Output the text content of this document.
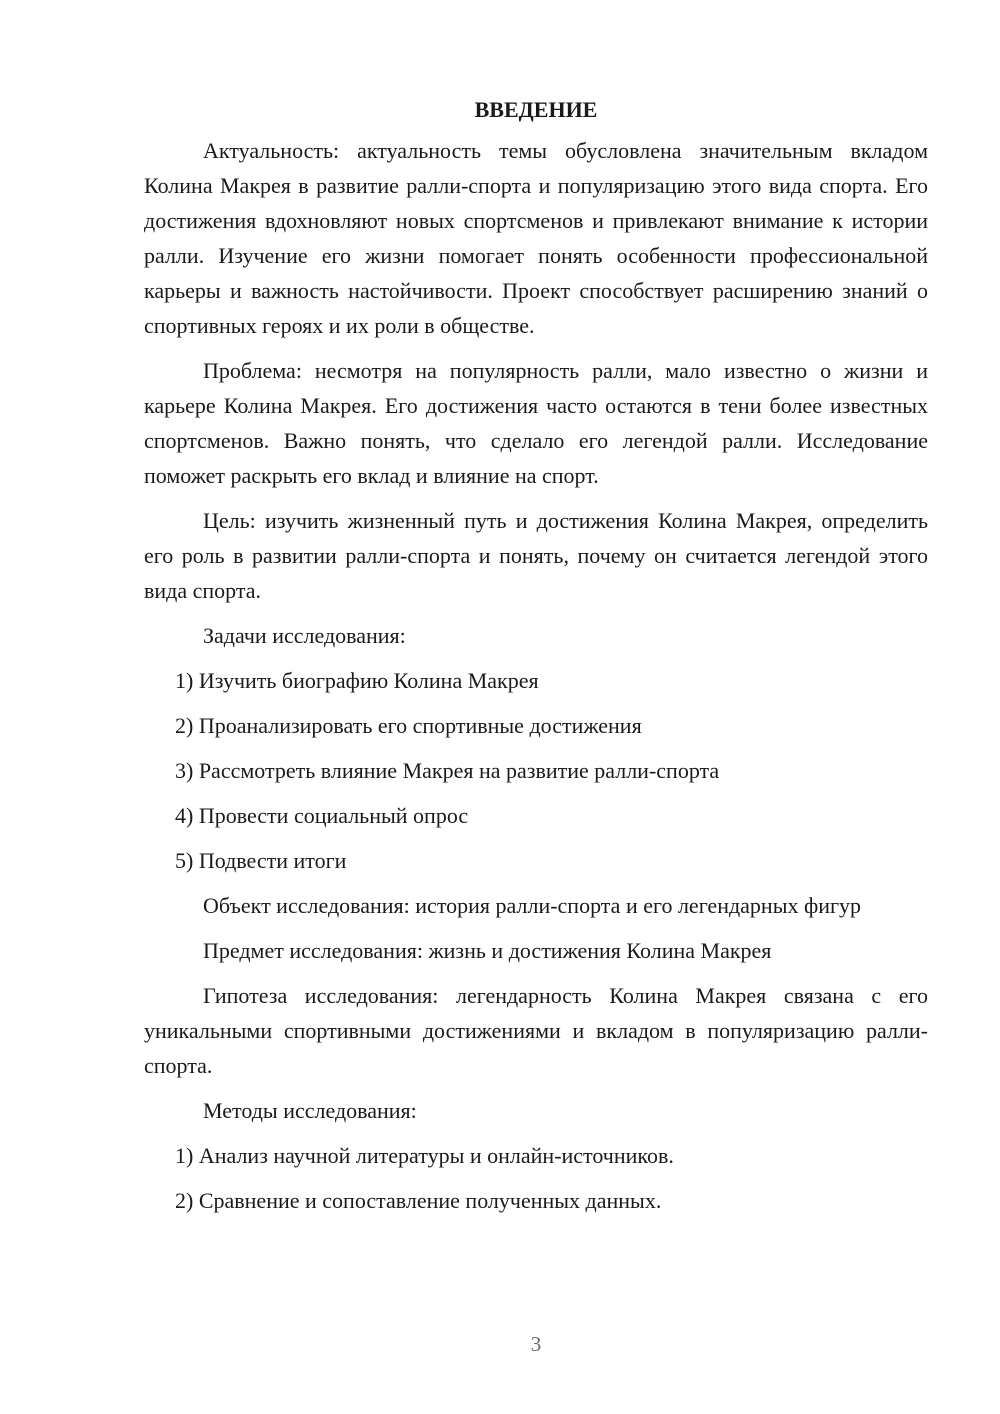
ВВЕДЕНИЕ

Актуальность: актуальность темы обусловлена значительным вкладом Колина Макрея в развитие ралли-спорта и популяризацию этого вида спорта. Его достижения вдохновляют новых спортсменов и привлекают внимание к истории ралли. Изучение его жизни помогает понять особенности профессиональной карьеры и важность настойчивости. Проект способствует расширению знаний о спортивных героях и их роли в обществе.

Проблема: несмотря на популярность ралли, мало известно о жизни и карьере Колина Макрея. Его достижения часто остаются в тени более известных спортсменов. Важно понять, что сделало его легендой ралли. Исследование поможет раскрыть его вклад и влияние на спорт.

Цель: изучить жизненный путь и достижения Колина Макрея, определить его роль в развитии ралли-спорта и понять, почему он считается легендой этого вида спорта.

Задачи исследования:

1) Изучить биографию Колина Макрея
2) Проанализировать его спортивные достижения
3) Рассмотреть влияние Макрея на развитие ралли-спорта
4) Провести социальный опрос
5) Подвести итоги

Объект исследования: история ралли-спорта и его легендарных фигур

Предмет исследования: жизнь и достижения Колина Макрея

Гипотеза исследования: легендарность Колина Макрея связана с его уникальными спортивными достижениями и вкладом в популяризацию ралли-спорта.

Методы исследования:

1) Анализ научной литературы и онлайн-источников.
2) Сравнение и сопоставление полученных данных.
3
